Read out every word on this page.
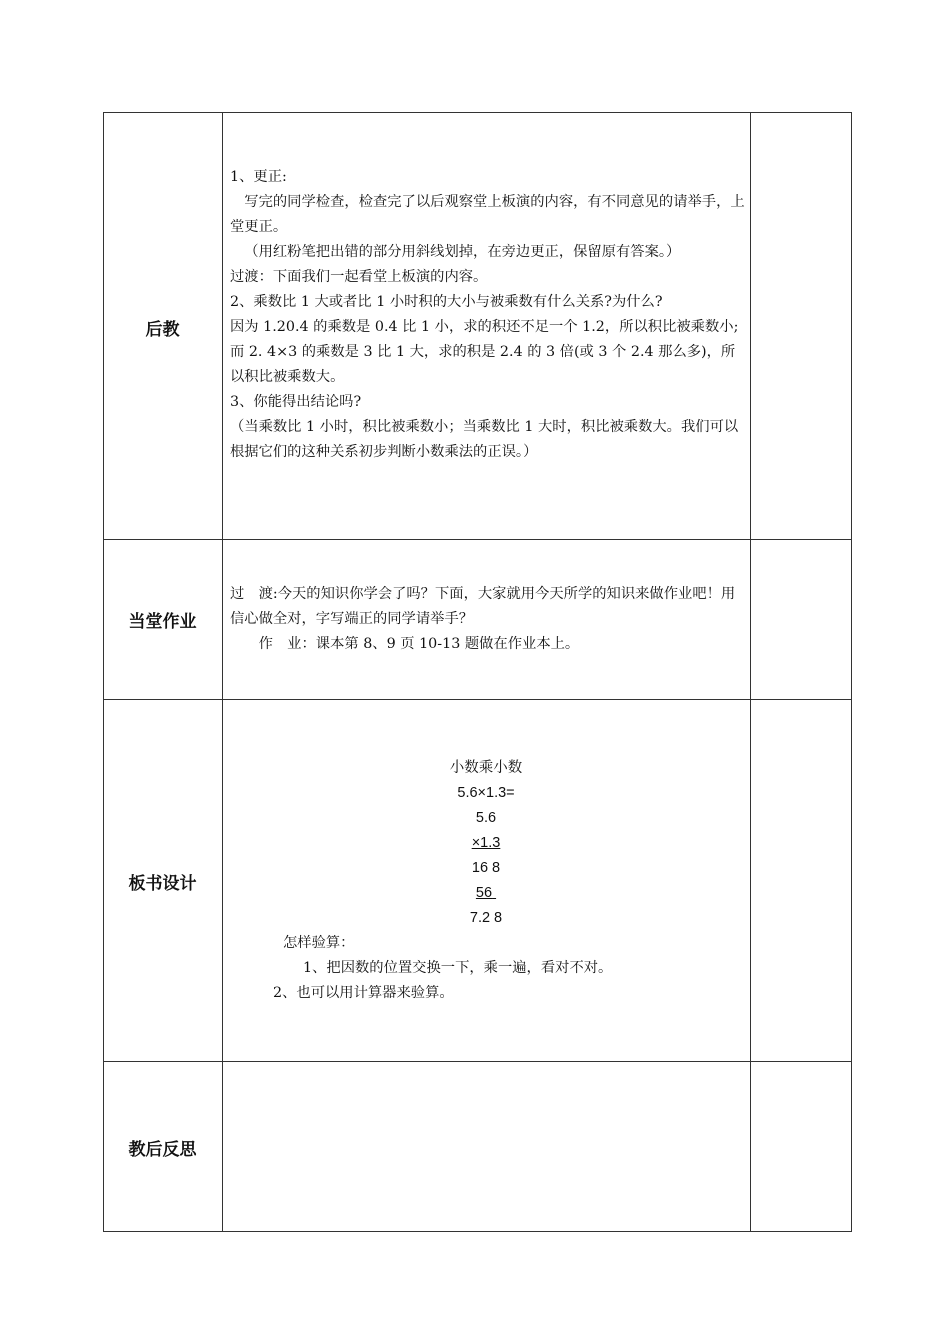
后教

1、更正:

写完的同学检查，检查完了以后观察堂上板演的内容，有不同意见的请举手，上堂更正。

（用红粉笔把出错的部分用斜线划掉，在旁边更正，保留原有答案。）

过渡：下面我们一起看堂上板演的内容。

2、乘数比 1 大或者比 1 小时积的大小与被乘数有什么关系?为什么?

因为 1.20.4 的乘数是 0.4 比 1 小，求的积还不足一个 1.2，所以积比被乘数小; 而 2. 4×3 的乘数是 3 比 1 大，求的积是 2.4 的 3 倍(或 3 个 2.4 那么多)，所以积比被乘数大。

3、你能得出结论吗?

（当乘数比 1 小时，积比被乘数小；当乘数比 1 大时，积比被乘数大。我们可以根据它们的这种关系初步判断小数乘法的正误。）

当堂作业

过　渡:今天的知识你学会了吗？下面，大家就用今天所学的知识来做作业吧！用信心做全对，字写端正的同学请举手？

作　业：课本第 8、9 页 10-13 题做在作业本上。

板书设计
小数乘小数
5.6×1.3=
5.6
×1.3
16 8
56
7.2 8
怎样验算：
1、把因数的位置交换一下，乘一遍，看对不对。
2、也可以用计算器来验算。
教后反思
